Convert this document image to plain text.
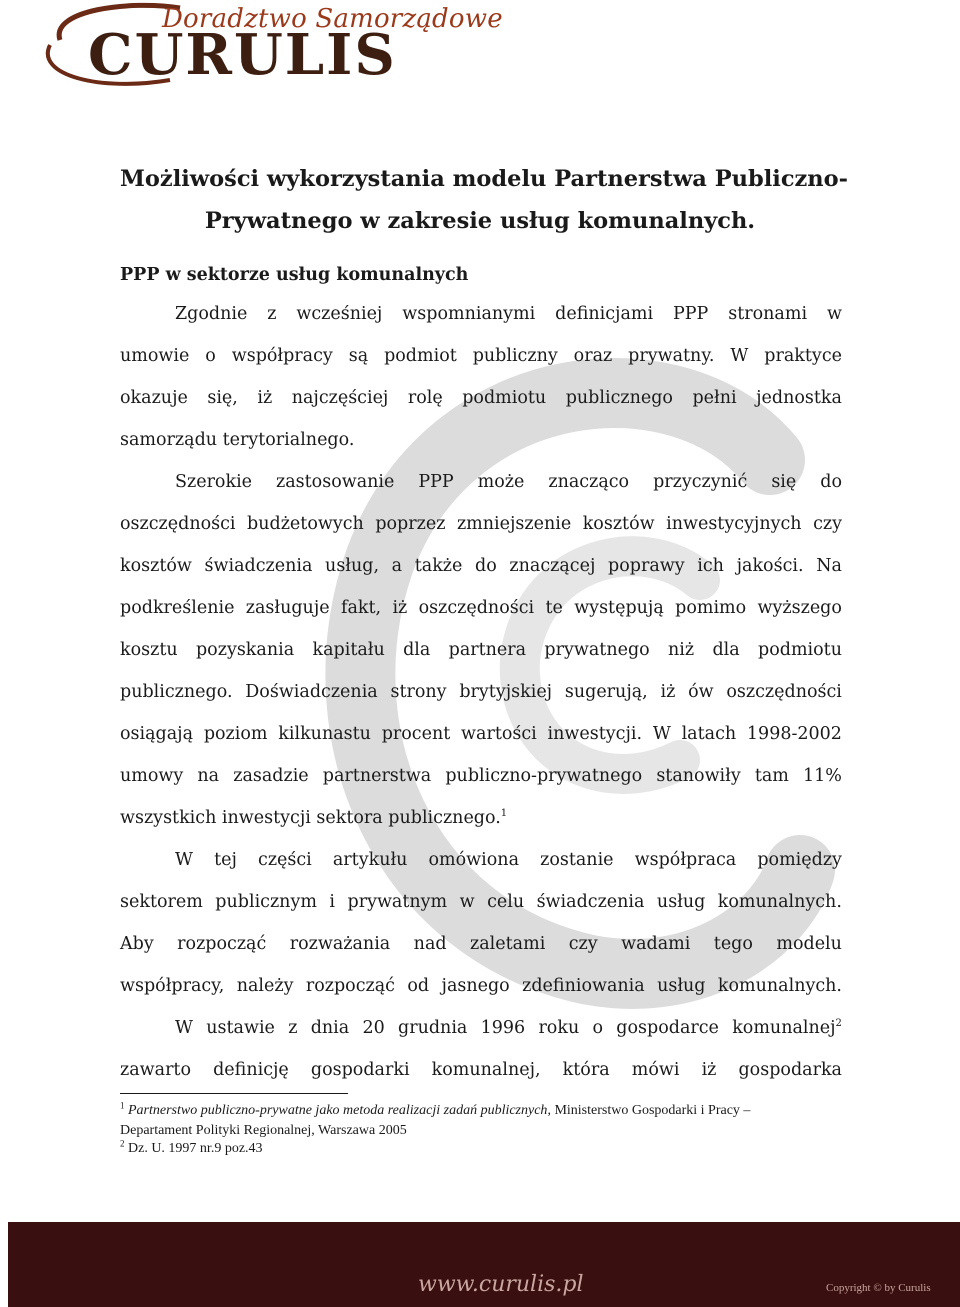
Doradztwo Samorządowe
CURULIS
Możliwości wykorzystania modelu Partnerstwa Publiczno-
Prywatnego w zakresie usług komunalnych.
PPP w sektorze usług komunalnych
Zgodnie z wcześniej wspomnianymi definicjami PPP stronami w
umowie o współpracy są podmiot publiczny oraz prywatny. W praktyce
okazuje się, iż najczęściej rolę podmiotu publicznego pełni jednostka
samorządu terytorialnego.
Szerokie zastosowanie PPP może znacząco przyczynić się do
oszczędności budżetowych poprzez zmniejszenie kosztów inwestycyjnych czy
kosztów świadczenia usług, a także do znaczącej poprawy ich jakości. Na
podkreślenie zasługuje fakt, iż oszczędności te występują pomimo wyższego
kosztu pozyskania kapitału dla partnera prywatnego niż dla podmiotu
publicznego. Doświadczenia strony brytyjskiej sugerują, iż ów oszczędności
osiągają poziom kilkunastu procent wartości inwestycji. W latach 1998-2002
umowy na zasadzie partnerstwa publiczno-prywatnego stanowiły tam 11%
wszystkich inwestycji sektora publicznego.$^1$
W tej części artykułu omówiona zostanie współpraca pomiędzy
sektorem publicznym i prywatnym w celu świadczenia usług komunalnych.
Aby rozpocząć rozważania nad zaletami czy wadami tego modelu
współpracy, należy rozpocząć od jasnego zdefiniowania usług komunalnych.
W ustawie z dnia 20 grudnia 1996 roku o gospodarce komunalnej$^2$
zawarto definicję gospodarki komunalnej, która mówi iż gospodarka
$^1$ Partnerstwo publiczno-prywatne jako metoda realizacji zadań publicznych, Ministerstwo Gospodarki i Pracy –
Departament Polityki Regionalnej, Warszawa 2005
$^2$ Dz. U. 1997 nr.9 poz.43
www.curulis.pl	Copyright © by Curulis
